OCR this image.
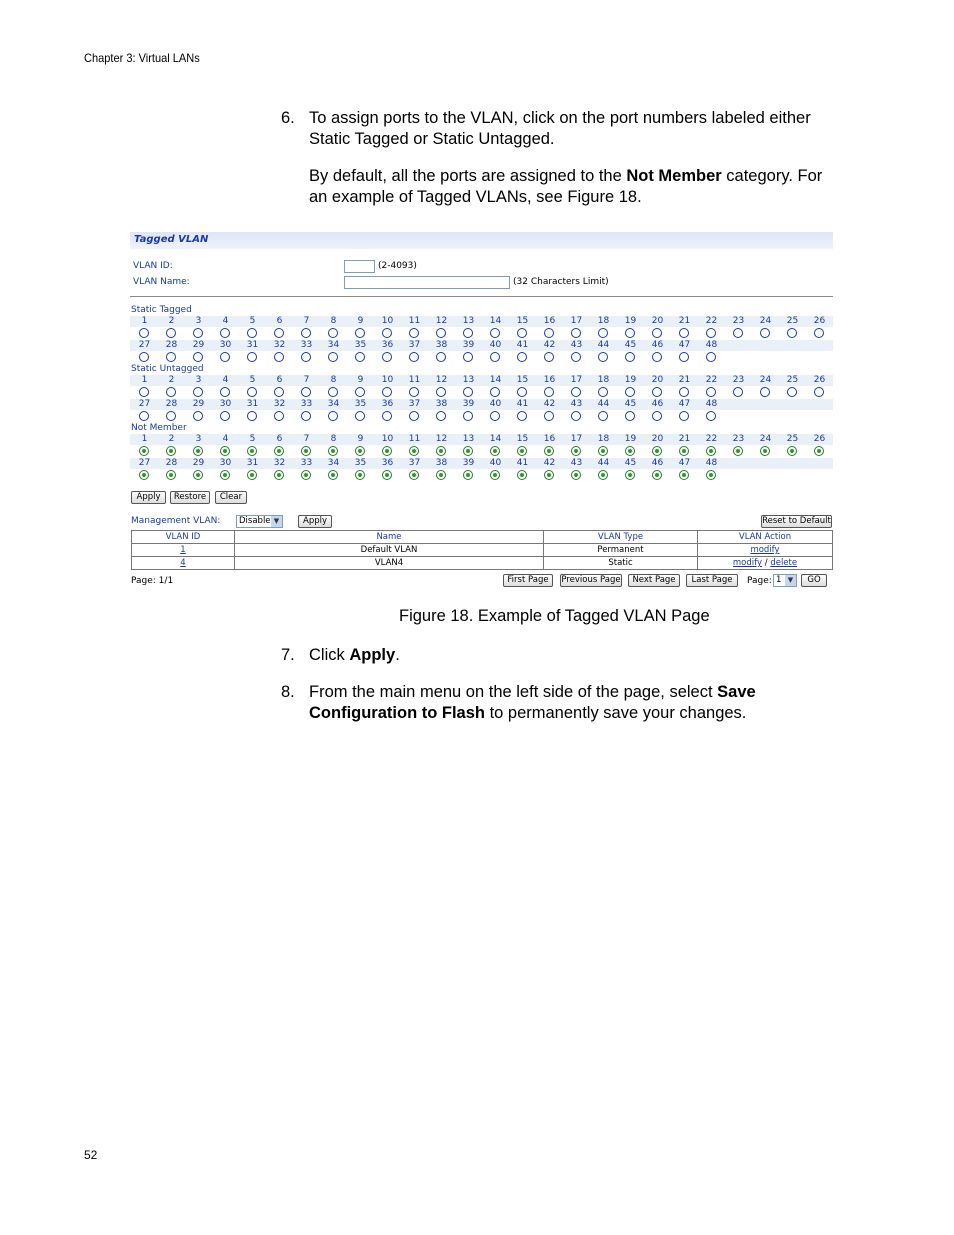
Chapter 3: Virtual LANs
6. To assign ports to the VLAN, click on the port numbers labeled either Static Tagged or Static Untagged.
By default, all the ports are assigned to the Not Member category. For an example of Tagged VLANs, see Figure 18.
Tagged VLAN
VLAN ID:	(2-4093)
VLAN Name:	(32 Characters Limit)
Static Tagged
1	2	3	4	5	6	7	8	9	10	11	12	13	14	15	16	17	18	19	20	21	22	23	24	25	26
27	28	29	30	31	32	33	34	35	36	37	38	39	40	41	42	43	44	45	46	47	48
Static Untagged
1	2	3	4	5	6	7	8	9	10	11	12	13	14	15	16	17	18	19	20	21	22	23	24	25	26
27	28	29	30	31	32	33	34	35	36	37	38	39	40	41	42	43	44	45	46	47	48
Not Member
1	2	3	4	5	6	7	8	9	10	11	12	13	14	15	16	17	18	19	20	21	22	23	24	25	26
27	28	29	30	31	32	33	34	35	36	37	38	39	40	41	42	43	44	45	46	47	48
Apply	Restore	Clear
Management VLAN:	Disable ▼	Apply	Reset to Default
VLAN ID	Name	VLAN Type	VLAN Action
1	Default VLAN	Permanent	modify
4	VLAN4	Static	modify / delete
Page: 1/1	First Page	Previous Page	Next Page	Last Page	Page: 1 ▼	GO
Figure 18. Example of Tagged VLAN Page
7. Click Apply.
8. From the main menu on the left side of the page, select Save Configuration to Flash to permanently save your changes.
52
